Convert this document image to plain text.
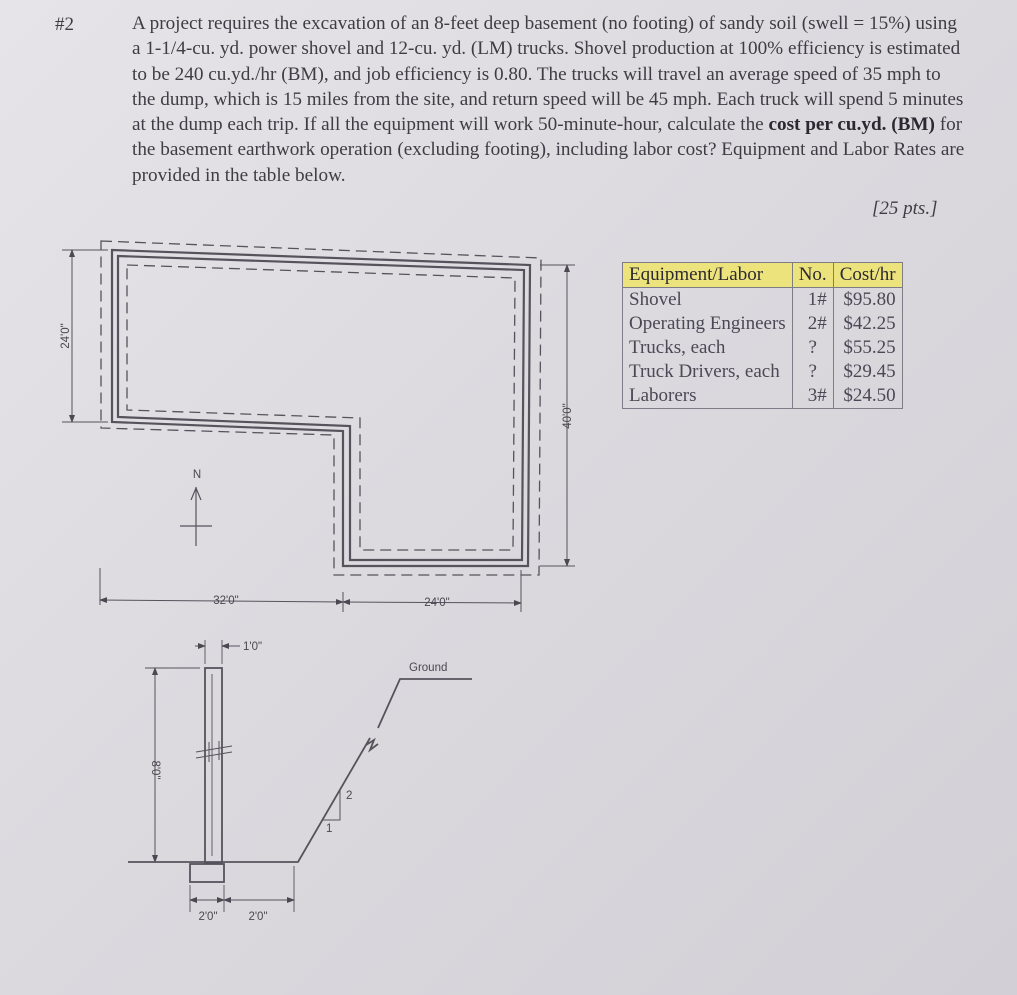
#2	A project requires the excavation of an 8-feet deep basement (no footing) of sandy soil (swell = 15%) using a 1-1/4-cu. yd. power shovel and 12-cu. yd. (LM) trucks. Shovel production at 100% efficiency is estimated to be 240 cu.yd./hr (BM), and job efficiency is 0.80. The trucks will travel an average speed of 35 mph to the dump, which is 15 miles from the site, and return speed will be 45 mph. Each truck will spend 5 minutes at the dump each trip. If all the equipment will work 50-minute-hour, calculate the cost per cu.yd. (BM) for the basement earthwork operation (excluding footing), including labor cost? Equipment and Labor Rates are provided in the table below.

[25 pts.]
24'0"
40'0"
32'0"	24'0"
N
1'0"
8'0"
2'0"	2'0"
Ground
2
1
Equipment/Labor	No.	Cost/hr
Shovel	1#	$95.80
Operating Engineers	2#	$42.25
Trucks, each	?	$55.25
Truck Drivers, each	?	$29.45
Laborers	3#	$24.50
